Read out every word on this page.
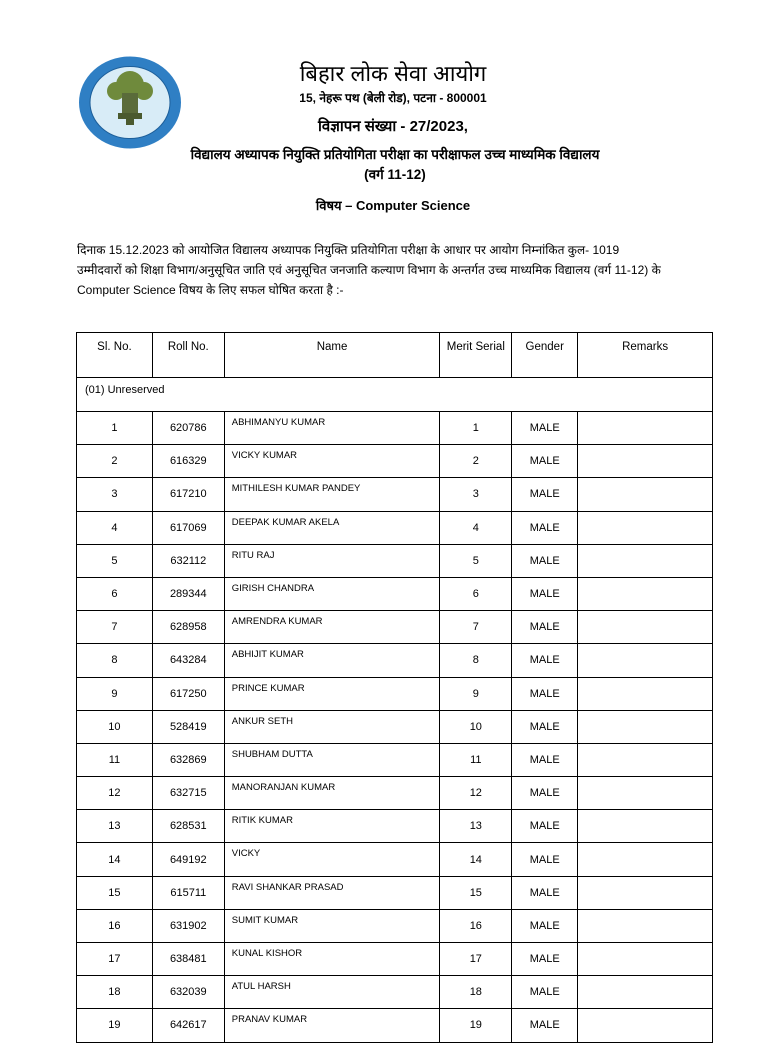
बिहार लोक सेवा आयोग
15, नेहरू पथ (बेली रोड), पटना - 800001
विज्ञापन संख्या - 27/2023,
विद्यालय अध्यापक नियुक्ति प्रतियोगिता परीक्षा का परीक्षाफल उच्च माध्यमिक विद्यालय (वर्ग 11-12)
विषय – Computer Science
दिनाक 15.12.2023 को आयोजित विद्यालय अध्यापक नियुक्ति प्रतियोगिता परीक्षा के आधार पर आयोग निम्नांकित कुल- 1019 उम्मीदवारों को शिक्षा विभाग/अनुसूचित जाति एवं अनुसूचित जनजाति कल्याण विभाग के अन्तर्गत उच्च माध्यमिक विद्यालय (वर्ग 11-12) के Computer Science विषय के लिए सफल घोषित करता है :-
Sl. No.	Roll No.	Name	Merit Serial	Gender	Remarks
(01) Unreserved					
1	620786	ABHIMANYU KUMAR	1	MALE	
2	616329	VICKY KUMAR	2	MALE	
3	617210	MITHILESH KUMAR PANDEY	3	MALE	
4	617069	DEEPAK KUMAR AKELA	4	MALE	
5	632112	RITU RAJ	5	MALE	
6	289344	GIRISH CHANDRA	6	MALE	
7	628958	AMRENDRA KUMAR	7	MALE	
8	643284	ABHIJIT KUMAR	8	MALE	
9	617250	PRINCE KUMAR	9	MALE	
10	528419	ANKUR SETH	10	MALE	
11	632869	SHUBHAM DUTTA	11	MALE	
12	632715	MANORANJAN KUMAR	12	MALE	
13	628531	RITIK KUMAR	13	MALE	
14	649192	VICKY	14	MALE	
15	615711	RAVI SHANKAR PRASAD	15	MALE	
16	631902	SUMIT KUMAR	16	MALE	
17	638481	KUNAL KISHOR	17	MALE	
18	632039	ATUL HARSH	18	MALE	
19	642617	PRANAV KUMAR	19	MALE	
